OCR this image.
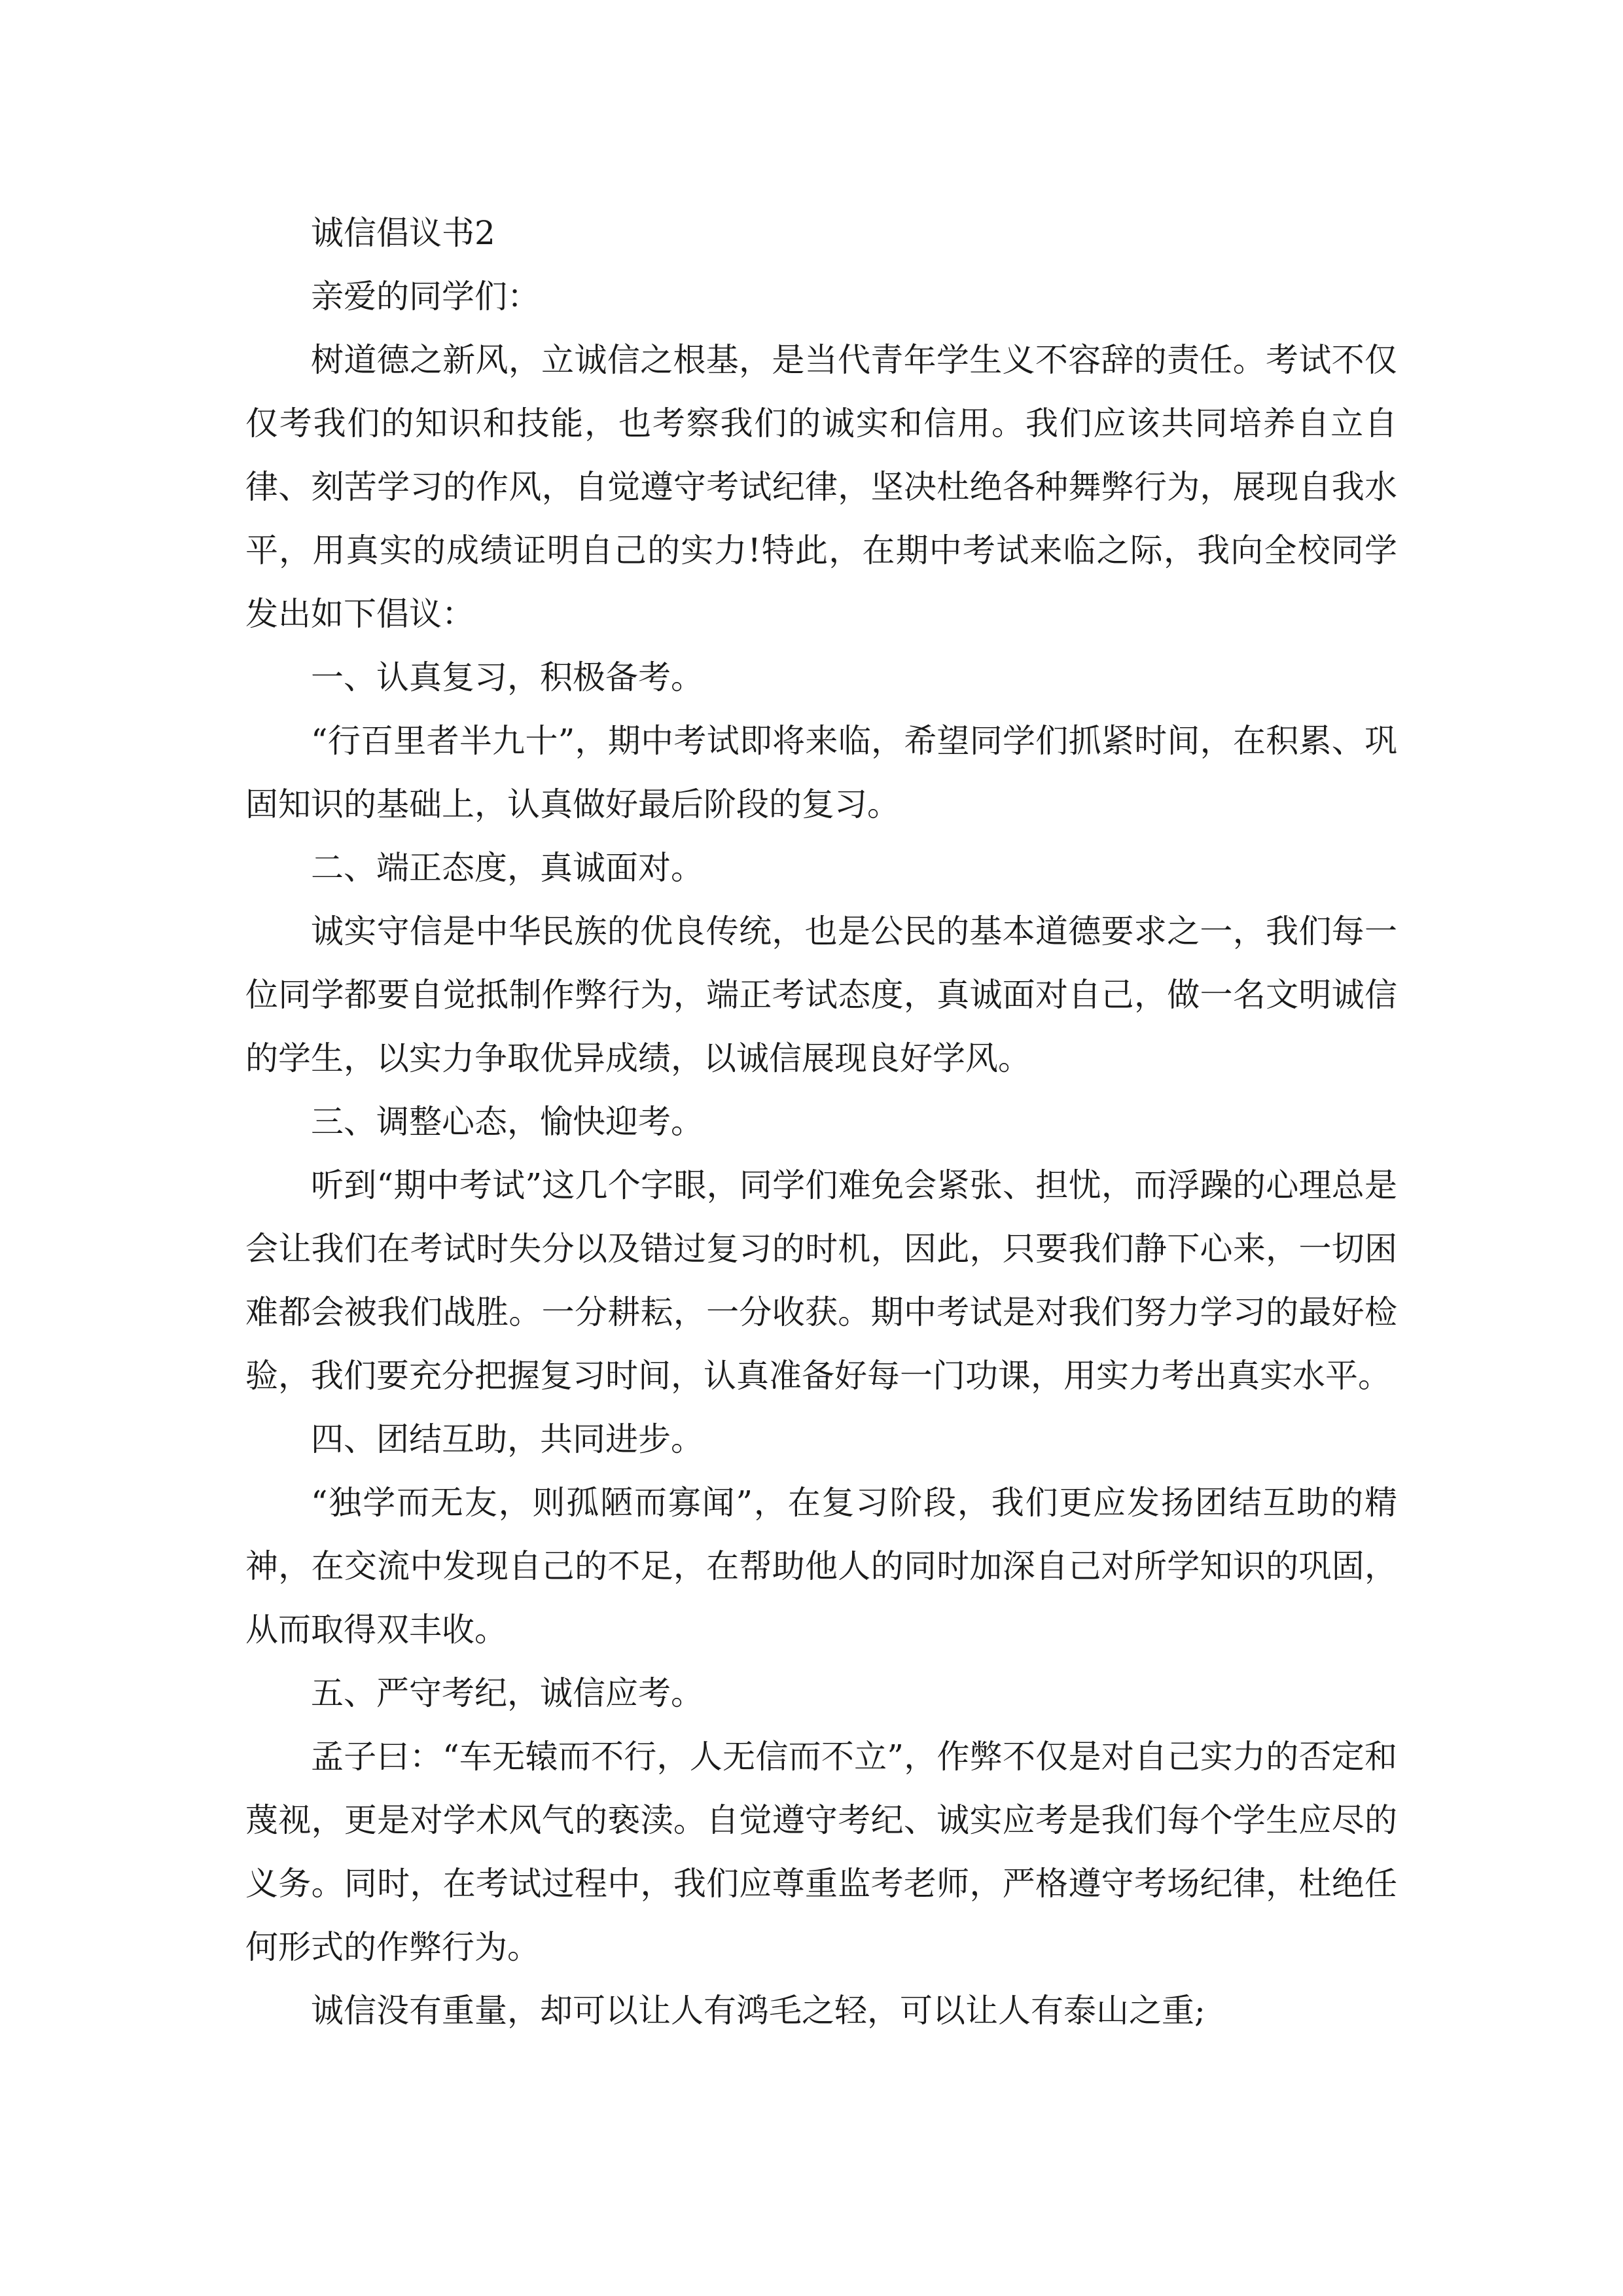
诚信倡议书2

亲爱的同学们：

树道德之新风，立诚信之根基，是当代青年学生义不容辞的责任。考试不仅仅考我们的知识和技能，也考察我们的诚实和信用。我们应该共同培养自立自律、刻苦学习的作风，自觉遵守考试纪律，坚决杜绝各种舞弊行为，展现自我水平，用真实的成绩证明自己的实力!特此，在期中考试来临之际，我向全校同学发出如下倡议：

一、认真复习，积极备考。

“行百里者半九十”，期中考试即将来临，希望同学们抓紧时间，在积累、巩固知识的基础上，认真做好最后阶段的复习。

二、端正态度，真诚面对。

诚实守信是中华民族的优良传统，也是公民的基本道德要求之一，我们每一位同学都要自觉抵制作弊行为，端正考试态度，真诚面对自己，做一名文明诚信的学生，以实力争取优异成绩，以诚信展现良好学风。

三、调整心态，愉快迎考。

听到“期中考试”这几个字眼，同学们难免会紧张、担忧，而浮躁的心理总是会让我们在考试时失分以及错过复习的时机，因此，只要我们静下心来，一切困难都会被我们战胜。一分耕耘，一分收获。期中考试是对我们努力学习的最好检验，我们要充分把握复习时间，认真准备好每一门功课，用实力考出真实水平。

四、团结互助，共同进步。

“独学而无友，则孤陋而寡闻”，在复习阶段，我们更应发扬团结互助的精神，在交流中发现自己的不足，在帮助他人的同时加深自己对所学知识的巩固，从而取得双丰收。

五、严守考纪，诚信应考。

孟子曰：“车无辕而不行，人无信而不立”，作弊不仅是对自己实力的否定和蔑视，更是对学术风气的亵渎。自觉遵守考纪、诚实应考是我们每个学生应尽的义务。同时，在考试过程中，我们应尊重监考老师，严格遵守考场纪律，杜绝任何形式的作弊行为。

诚信没有重量，却可以让人有鸿毛之轻，可以让人有泰山之重;
